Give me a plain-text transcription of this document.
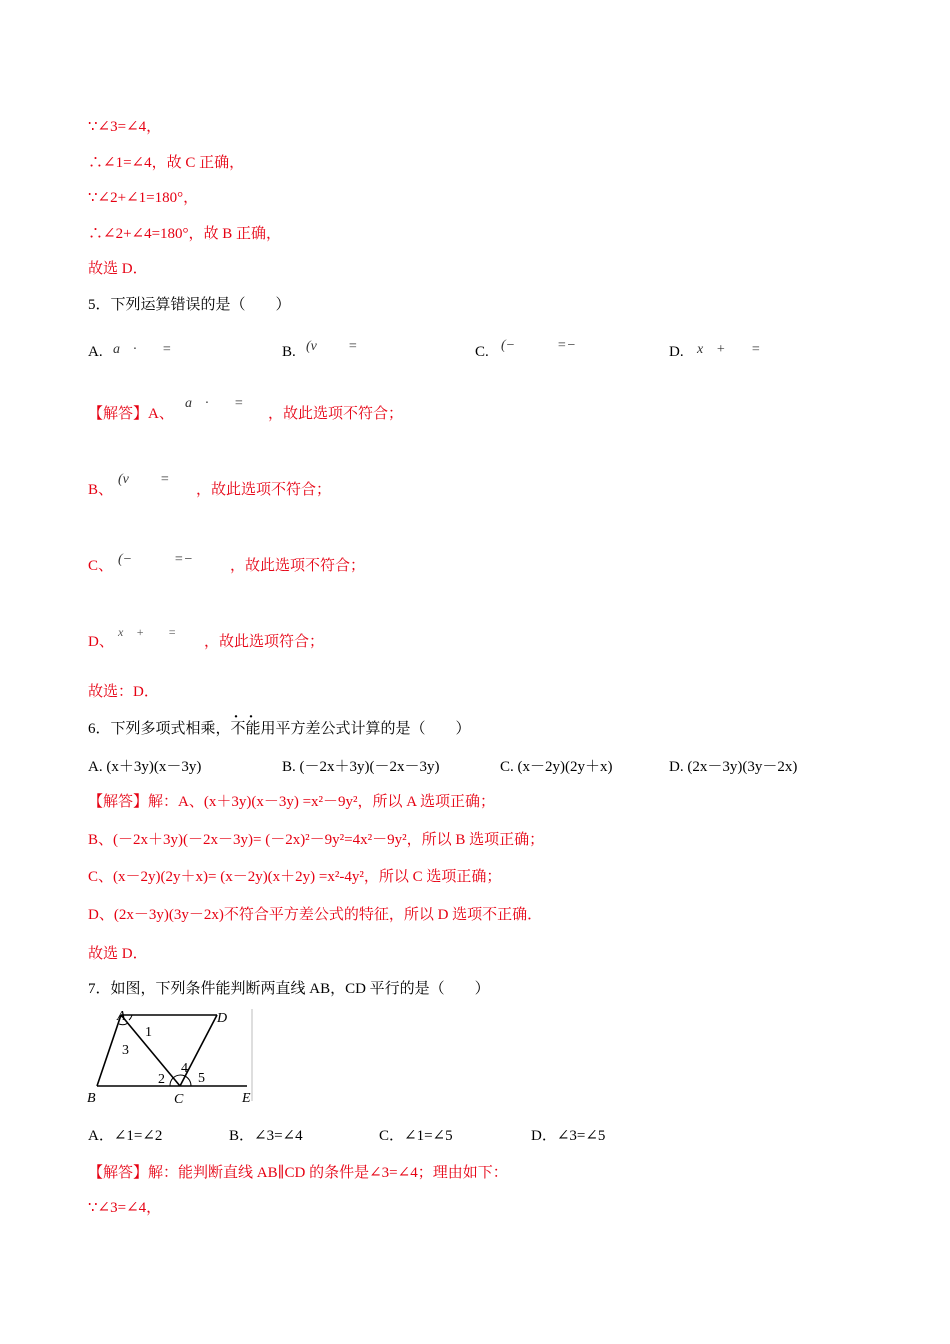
∵∠3=∠4，
∴∠1=∠4，故 C 正确，
∵∠2+∠1=180°，
∴∠2+∠4=180°，故 B 正确，
故选 D．
5．下列运算错误的是（　　）
A. a · =	B. (v =	C. (−	=−	D. x + =
【解答】A、
a · =
，故此选项不符合；
B、
(v =
，故此选项不符合；
C、 (−	=− ，故此选项不符合；
D、
x + =
，故此选项符合；
故选：D．
6．下列多项式相乘，不能用平方差公式计算的是（　　）
A. (x＋3y)(x－3y)	B. (－2x＋3y)(－2x－3y)	C. (x－2y)(2y＋x)	D. (2x－3y)(3y－2x)
【解答】解：A、(x＋3y)(x－3y) =x²－9y²，所以 A 选项正确；
B、(－2x＋3y)(－2x－3y)= (－2x)²－9y²=4x²－9y²，所以 B 选项正确；
C、(x－2y)(2y＋x)= (x－2y)(x＋2y) =x²-4y²，所以 C 选项正确；
D、(2x－3y)(3y－2x)不符合平方差公式的特征，所以 D 选项不正确．
故选 D．
7．如图，下列条件能判断两直线 AB，CD 平行的是（　　）
A	D
B	C	E
1
3
2
4
5
A．∠1=∠2	B．∠3=∠4	C．∠1=∠5	D．∠3=∠5
【解答】解：能判断直线 AB∥CD 的条件是∠3=∠4；理由如下：
∵∠3=∠4，
